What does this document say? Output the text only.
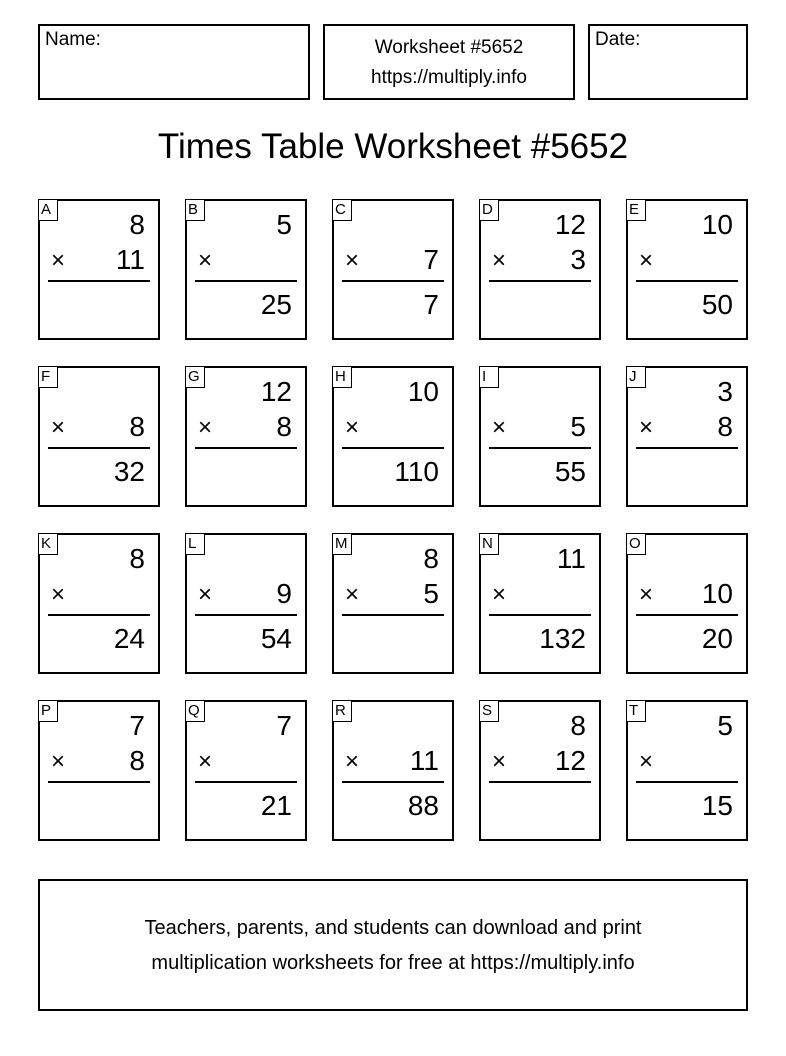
Name:	Worksheet #5652
https://multiply.info
Date:
Times Table Worksheet #5652
A	8
× 11
B	5
×
25
C
× 7
7
D 12
× 3
E 10
×
50
F
× 8
32
G 12
× 8
H 10
×
110
I
× 5
55
J	3
× 8
K	8
×
24
L
× 9
54
M	8
× 5
N 11
×
132
O
× 10
20
P	7
× 8
Q	7
×
21
R
× 11
88
S	8
× 12
T	5
×
15
Teachers, parents, and students can download and print
multiplication worksheets for free at https://multiply.info
